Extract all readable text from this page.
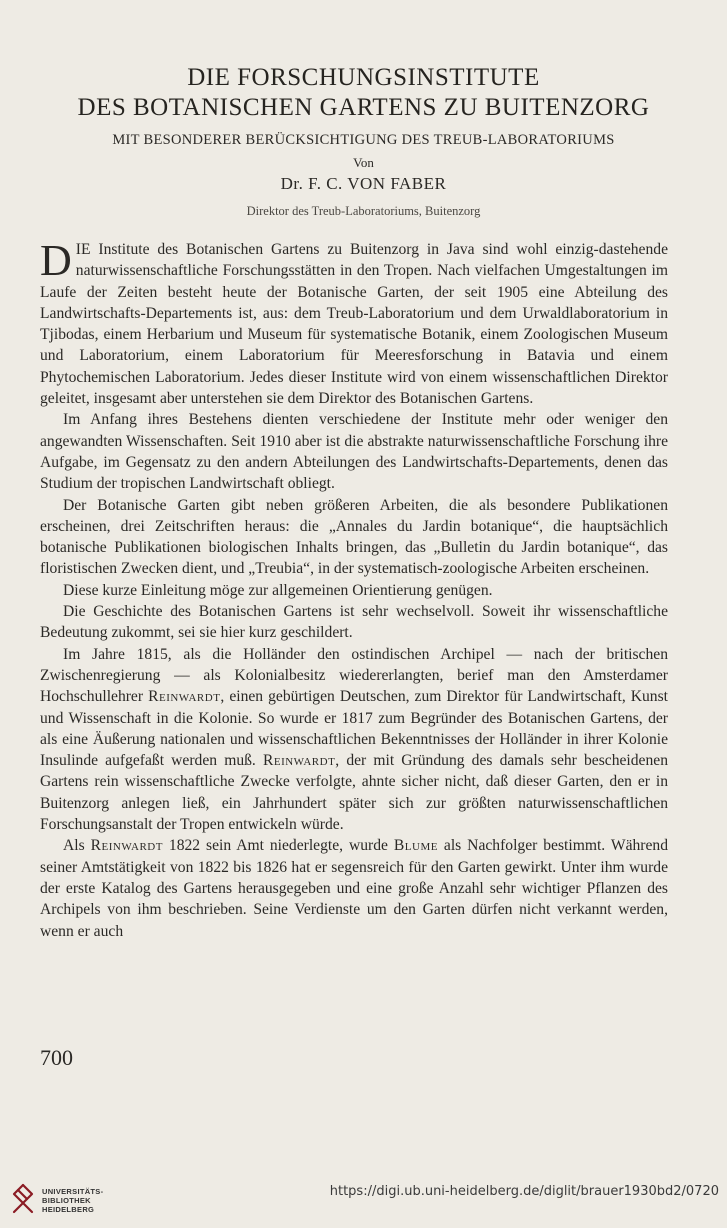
DIE FORSCHUNGSINSTITUTE
DES BOTANISCHEN GARTENS ZU BUITENZORG
MIT BESONDERER BERÜCKSICHTIGUNG DES TREUB-LABORATORIUMS
Von
Dr. F. C. VON FABER
Direktor des Treub-Laboratoriums, Buitenzorg

DIE Institute des Botanischen Gartens zu Buitenzorg in Java sind wohl einzig-dastehende naturwissenschaftliche Forschungsstätten in den Tropen. Nach vielfachen Umgestaltungen im Laufe der Zeiten besteht heute der Botanische Garten, der seit 1905 eine Abteilung des Landwirtschafts-Departements ist, aus: dem Treub-Laboratorium und dem Urwaldlaboratorium in Tjibodas, einem Herbarium und Museum für systematische Botanik, einem Zoologischen Museum und Laboratorium, einem Laboratorium für Meeresforschung in Batavia und einem Phytochemischen Laboratorium. Jedes dieser Institute wird von einem wissenschaftlichen Direktor geleitet, insgesamt aber unterstehen sie dem Direktor des Botanischen Gartens.

Im Anfang ihres Bestehens dienten verschiedene der Institute mehr oder weniger den angewandten Wissenschaften. Seit 1910 aber ist die abstrakte naturwissenschaftliche Forschung ihre Aufgabe, im Gegensatz zu den andern Abteilungen des Landwirtschafts-Departements, denen das Studium der tropischen Landwirtschaft obliegt.

Der Botanische Garten gibt neben größeren Arbeiten, die als besondere Publikationen erscheinen, drei Zeitschriften heraus: die „Annales du Jardin botanique“, die hauptsächlich botanische Publikationen biologischen Inhalts bringen, das „Bulletin du Jardin botanique“, das floristischen Zwecken dient, und „Treubia“, in der systematisch-zoologische Arbeiten erscheinen.

Diese kurze Einleitung möge zur allgemeinen Orientierung genügen.

Die Geschichte des Botanischen Gartens ist sehr wechselvoll. Soweit ihr wissenschaftliche Bedeutung zukommt, sei sie hier kurz geschildert.

Im Jahre 1815, als die Holländer den ostindischen Archipel — nach der britischen Zwischenregierung — als Kolonialbesitz wiedererlangten, berief man den Amsterdamer Hochschullehrer Reinwardt, einen gebürtigen Deutschen, zum Direktor für Landwirtschaft, Kunst und Wissenschaft in die Kolonie. So wurde er 1817 zum Begründer des Botanischen Gartens, der als eine Äußerung nationalen und wissenschaftlichen Bekenntnisses der Holländer in ihrer Kolonie Insulinde aufgefaßt werden muß. Reinwardt, der mit Gründung des damals sehr bescheidenen Gartens rein wissenschaftliche Zwecke verfolgte, ahnte sicher nicht, daß dieser Garten, den er in Buitenzorg anlegen ließ, ein Jahrhundert später sich zur größten naturwissenschaftlichen Forschungsanstalt der Tropen entwickeln würde.

Als Reinwardt 1822 sein Amt niederlegte, wurde Blume als Nachfolger bestimmt. Während seiner Amtstätigkeit von 1822 bis 1826 hat er segensreich für den Garten gewirkt. Unter ihm wurde der erste Katalog des Gartens herausgegeben und eine große Anzahl sehr wichtiger Pflanzen des Archipels von ihm beschrieben. Seine Verdienste um den Garten dürfen nicht verkannt werden, wenn er auch

700
UNIVERSITÄTS-
BIBLIOTHEK
HEIDELBERG
https://digi.ub.uni-heidelberg.de/diglit/brauer1930bd2/0720
